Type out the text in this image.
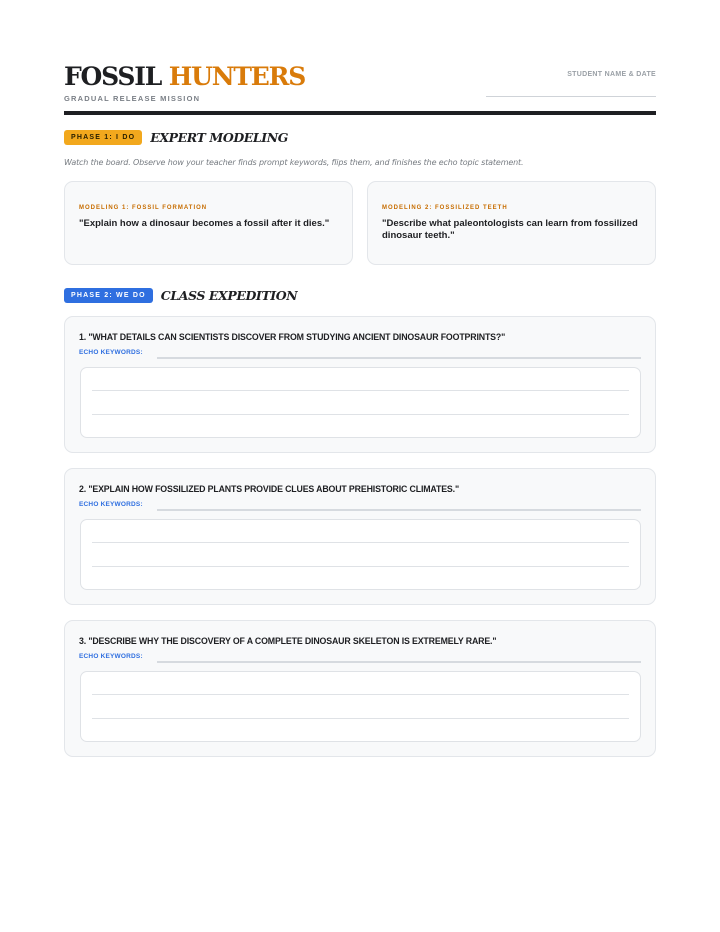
FOSSIL HUNTERS
GRADUAL RELEASE MISSION
STUDENT NAME & DATE
PHASE 1: I DO	EXPERT MODELING
Watch the board. Observe how your teacher finds prompt keywords, flips them, and finishes the echo topic statement.
MODELING 1: FOSSIL FORMATION
"Explain how a dinosaur becomes a fossil after it dies."
MODELING 2: FOSSILIZED TEETH
"Describe what paleontologists can learn from fossilized dinosaur teeth."
PHASE 2: WE DO	CLASS EXPEDITION
1. "WHAT DETAILS CAN SCIENTISTS DISCOVER FROM STUDYING ANCIENT DINOSAUR FOOTPRINTS?"
ECHO KEYWORDS:
2. "EXPLAIN HOW FOSSILIZED PLANTS PROVIDE CLUES ABOUT PREHISTORIC CLIMATES."
ECHO KEYWORDS:
3. "DESCRIBE WHY THE DISCOVERY OF A COMPLETE DINOSAUR SKELETON IS EXTREMELY RARE."
ECHO KEYWORDS:
